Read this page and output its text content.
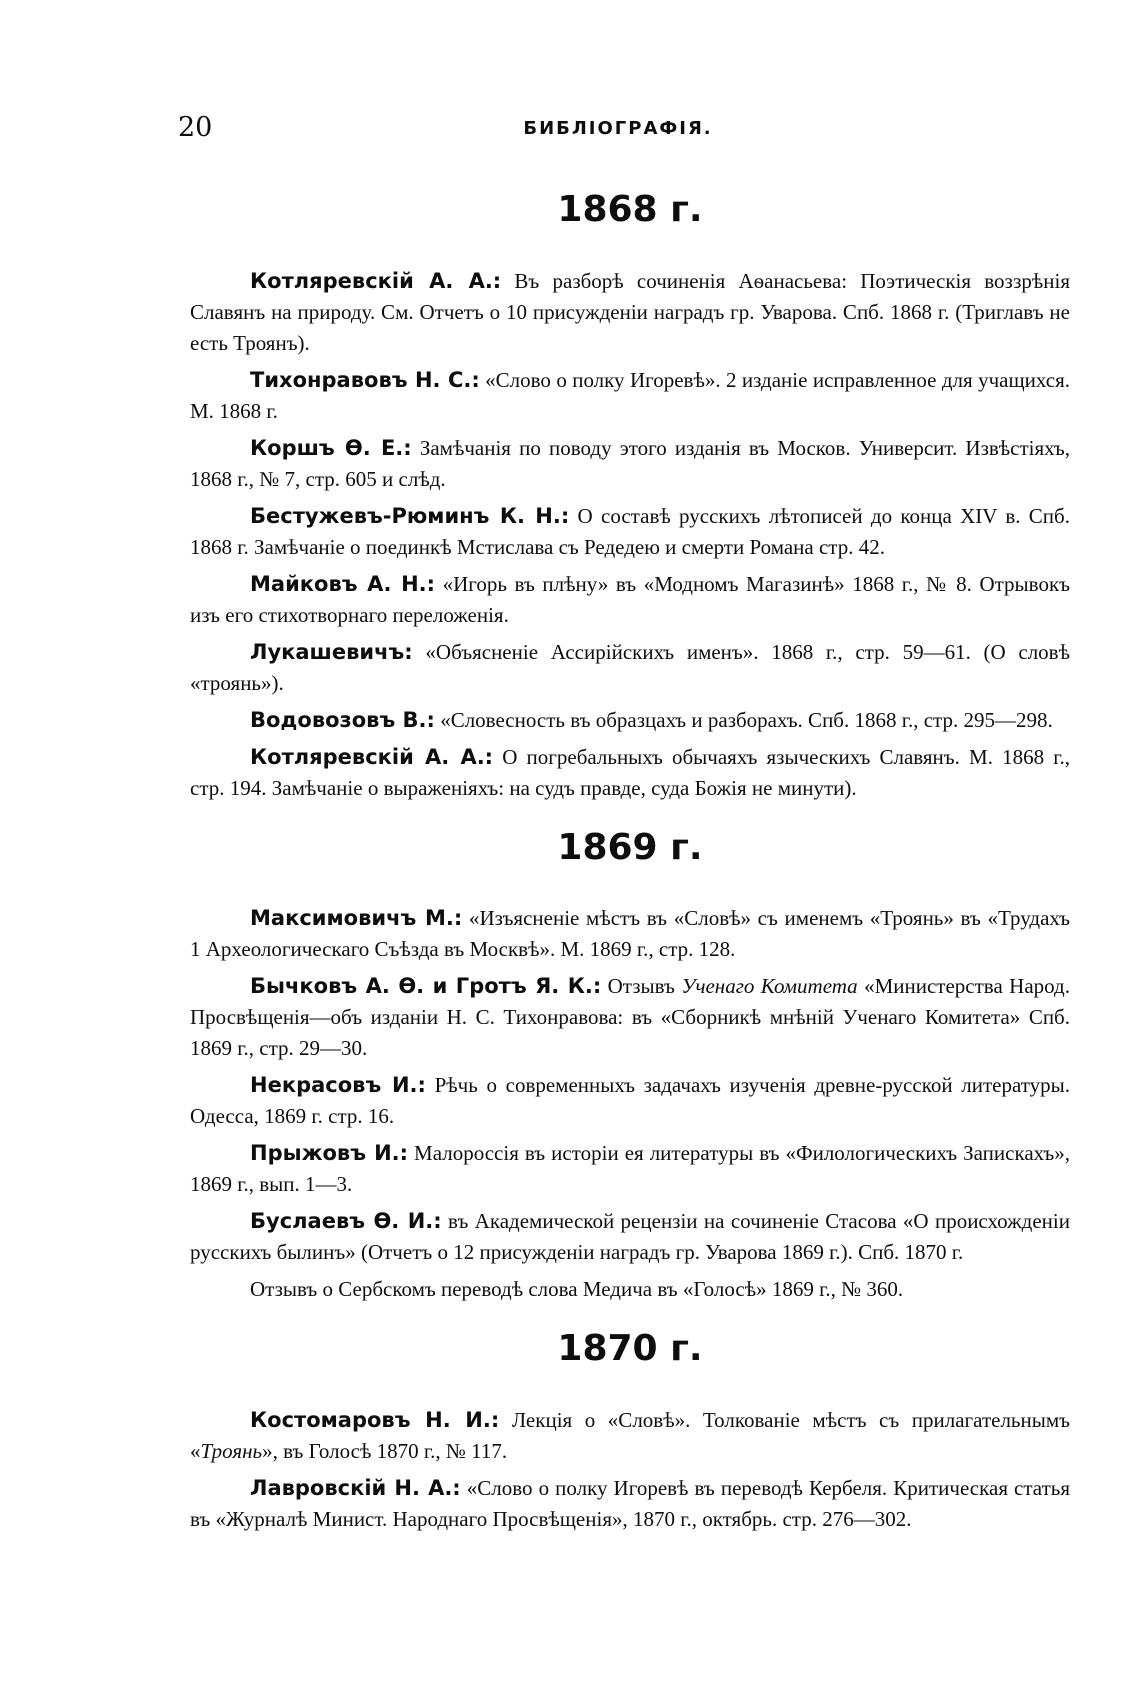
20	БИБЛІОГРАФІЯ.
1868 г.

Котляревскій А. А.: Въ разборѣ сочиненія Аѳанасьева: Поэтическія воззрѣнія Славянъ на природу. См. Отчетъ о 10 присужденіи наградъ гр. Уварова. Спб. 1868 г. (Триглавъ не есть Троянъ).

Тихонравовъ Н. С.: «Слово о полку Игоревѣ». 2 изданіе исправленное для учащихся. М. 1868 г.

Коршъ Ѳ. Е.: Замѣчанія по поводу этого изданія въ Москов. Университ. Извѣстіяхъ, 1868 г., № 7, стр. 605 и слѣд.

Бестужевъ-Рюминъ К. Н.: О составѣ русскихъ лѣтописей до конца XIV в. Спб. 1868 г. Замѣчаніе о поединкѣ Мстислава съ Редедею и смерти Романа стр. 42.

Майковъ А. Н.: «Игорь въ плѣну» въ «Модномъ Магазинѣ» 1868 г., № 8. Отрывокъ изъ его стихотворнаго переложенія.

Лукашевичъ: «Объясненіе Ассирійскихъ именъ». 1868 г., стр. 59—61. (О словѣ «троянь»).

Водовозовъ В.: «Словесность въ образцахъ и разборахъ. Спб. 1868 г., стр. 295—298.

Котляревскій А. А.: О погребальныхъ обычаяхъ языческихъ Славянъ. М. 1868 г., стр. 194. Замѣчаніе о выраженіяхъ: на судъ правде, суда Божія не минути).

1869 г.

Максимовичъ М.: «Изъясненіе мѣстъ въ «Словѣ» съ именемъ «Троянь» въ «Трудахъ 1 Археологическаго Съѣзда въ Москвѣ». М. 1869 г., стр. 128.

Бычковъ А. Ѳ. и Гротъ Я. К.: Отзывъ Ученаго Комитета «Министерства Народ. Просвѣщенія—объ изданіи Н. С. Тихонравова: въ «Сборникѣ мнѣній Ученаго Комитета» Спб. 1869 г., стр. 29—30.

Некрасовъ И.: Рѣчь о современныхъ задачахъ изученія древне-русской литературы. Одесса, 1869 г. стр. 16.

Прыжовъ И.: Малороссія въ исторіи ея литературы въ «Филологическихъ Запискахъ», 1869 г., вып. 1—3.

Буслаевъ Ѳ. И.: въ Академической рецензіи на сочиненіе Стасова «О происхожденіи русскихъ былинъ» (Отчетъ о 12 присужденіи наградъ гр. Уварова 1869 г.). Спб. 1870 г.

Отзывъ о Сербскомъ переводѣ слова Медича въ «Голосѣ» 1869 г., № 360.

1870 г.

Костомаровъ Н. И.: Лекція о «Словѣ». Толкованіе мѣстъ съ прилагательнымъ «Троянь», въ Голосѣ 1870 г., № 117.

Лавровскій Н. А.: «Слово о полку Игоревѣ въ переводѣ Кербеля. Критическая статья въ «Журналѣ Минист. Народнаго Просвѣщенія», 1870 г., октябрь. стр. 276—302.
